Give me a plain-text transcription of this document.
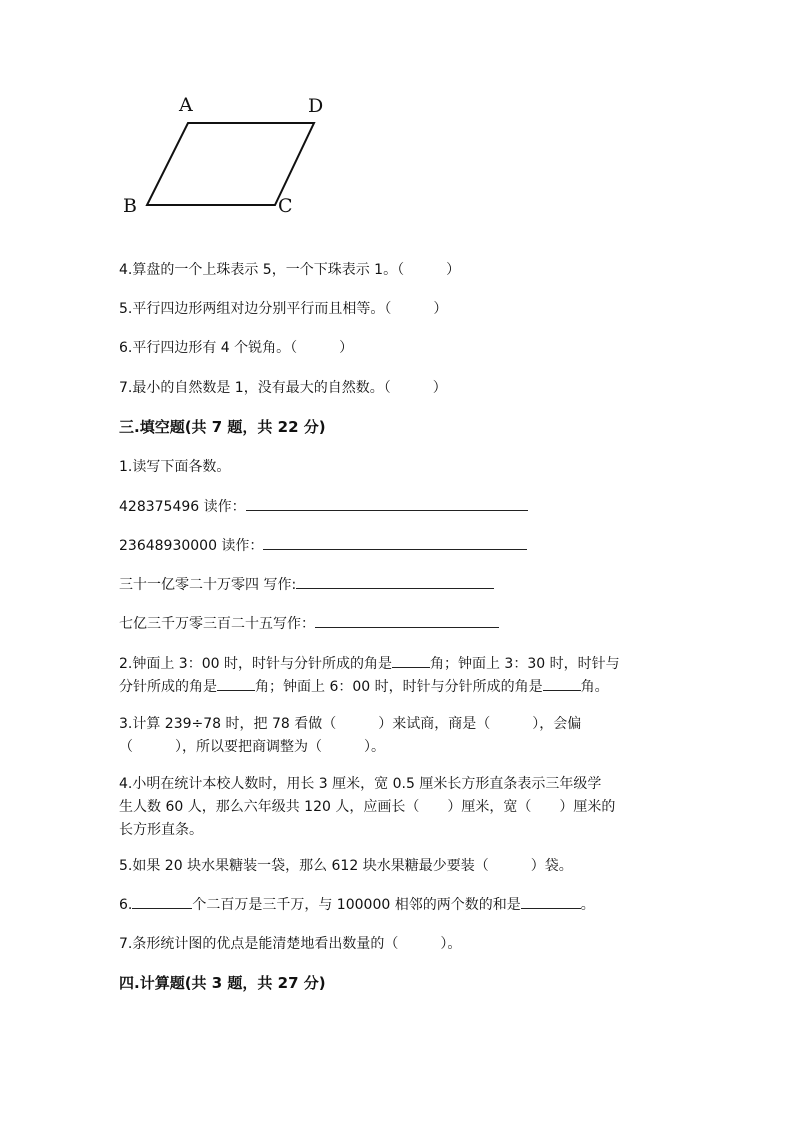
A	D
B	C
4.算盘的一个上珠表示 5，一个下珠表示 1。（　　　）
5.平行四边形两组对边分别平行而且相等。（　　　）
6.平行四边形有 4 个锐角。（　　　）
7.最小的自然数是 1，没有最大的自然数。（　　　）
三.填空题(共 7 题，共 22 分)
1.读写下面各数。
428375496 读作：
23648930000 读作：
三十一亿零二十万零四 写作:
七亿三千万零三百二十五写作：
2.钟面上 3：00 时，时针与分针所成的角是	角；钟面上 3：30 时，时针与
分针所成的角是	角；钟面上 6：00 时，时针与分针所成的角是	角。
3.计算 239÷78 时，把 78 看做（　　　）来试商，商是（　　　），会偏
（　　　），所以要把商调整为（　　　）。
4.小明在统计本校人数时，用长 3 厘米，宽 0.5 厘米长方形直条表示三年级学
生人数 60 人，那么六年级共 120 人，应画长（　　）厘米，宽（　　）厘米的
长方形直条。
5.如果 20 块水果糖装一袋，那么 612 块水果糖最少要装（　　　）袋。
6.	个二百万是三千万，与 100000 相邻的两个数的和是	。
7.条形统计图的优点是能清楚地看出数量的（　　　）。
四.计算题(共 3 题，共 27 分)
